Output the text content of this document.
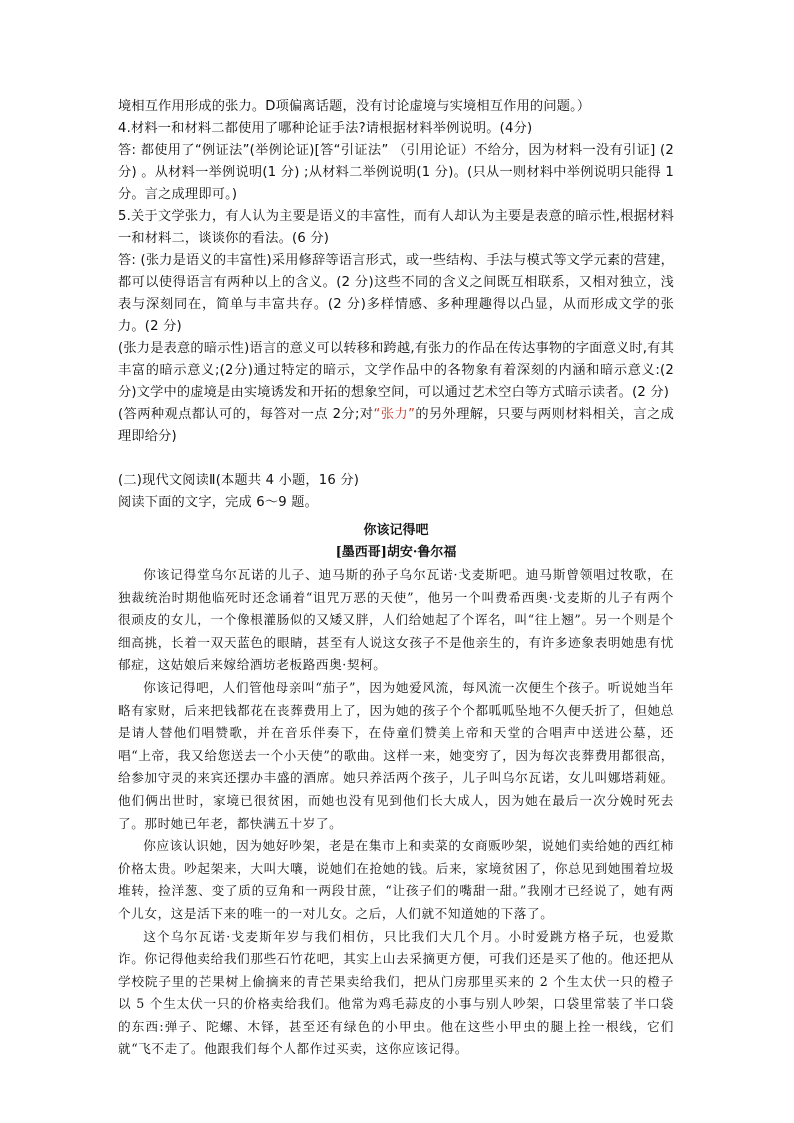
境相互作用形成的张力。D项偏离话题，没有讨论虚境与实境相互作用的问题。）

4.材料一和材料二都使用了哪种论证手法?请根据材料举例说明。(4分)

答: 都使用了“例证法”(举例论证)[答“引证法” （引用论证）不给分，因为材料一没有引证] (2分) 。从材料一举例说明(1 分) ;从材料二举例说明(1 分)。(只从一则材料中举例说明只能得 1分。言之成理即可。)

5.关于文学张力，有人认为主要是语义的丰富性，而有人却认为主要是表意的暗示性,根据材料一和材料二，谈谈你的看法。(6 分)

答: (张力是语义的丰富性)采用修辞等语言形式，或一些结构、手法与模式等文学元素的营建，都可以使得语言有两种以上的含义。(2 分)这些不同的含义之间既互相联系，又相对独立，浅表与深刻同在，简单与丰富共存。(2 分)多样情感、多种理趣得以凸显，从而形成文学的张力。(2 分)

(张力是表意的暗示性)语言的意义可以转移和跨越,有张力的作品在传达事物的字面意义时,有其丰富的暗示意义;(2分)通过特定的暗示，文学作品中的各物象有着深刻的内涵和暗示意义:(2分)文学中的虚境是由实境诱发和开拓的想象空间，可以通过艺术空白等方式暗示读者。(2 分)

(答两种观点都认可的，每答对一点 2分;对“张力”的另外理解，只要与两则材料相关，言之成理即给分)

(二)现代文阅读Ⅱ(本题共 4 小题，16 分)

阅读下面的文字，完成 6～9 题。

你该记得吧

[墨西哥]胡安·鲁尔福

你该记得堂乌尔瓦诺的儿子、迪马斯的孙子乌尔瓦诺·戈麦斯吧。迪马斯曾领唱过牧歌，在独裁统治时期他临死时还念诵着“诅咒万恶的天使”，他另一个叫费希西奥·戈麦斯的儿子有两个很顽皮的女儿，一个像根灌肠似的又矮又胖，人们给她起了个诨名，叫“往上翘”。另一个则是个细高挑，长着一双天蓝色的眼睛，甚至有人说这女孩子不是他亲生的，有许多迹象表明她患有忧郁症，这姑娘后来嫁给酒坊老板路西奥·契柯。

你该记得吧，人们管他母亲叫“茄子”，因为她爱风流，每风流一次便生个孩子。听说她当年略有家财，后来把钱都花在丧葬费用上了，因为她的孩子个个都呱呱坠地不久便夭折了，但她总是请人替他们唱赞歌，并在音乐伴奏下，在侍童们赞美上帝和天堂的合唱声中送进公墓，还唱“上帝，我又给您送去一个小天使”的歌曲。这样一来，她变穷了，因为每次丧葬费用都很高，给参加守灵的来宾还摆办丰盛的酒席。她只养活两个孩子，儿子叫乌尔瓦诺，女儿叫娜塔莉娅。他们俩出世时，家境已很贫困，而她也没有见到他们长大成人，因为她在最后一次分娩时死去了。那时她已年老，都快满五十岁了。

你应该认识她，因为她好吵架，老是在集市上和卖菜的女商贩吵架，说她们卖给她的西红柿价格太贵。吵起架来，大叫大嚷，说她们在抢她的钱。后来，家境贫困了，你总见到她围着垃圾堆转，捡洋葱、变了质的豆角和一两段甘蔗，“让孩子们的嘴甜一甜。”我刚才已经说了，她有两个儿女，这是活下来的唯一的一对儿女。之后，人们就不知道她的下落了。

这个乌尔瓦诺·戈麦斯年岁与我们相仿，只比我们大几个月。小时爱跳方格子玩，也爱欺诈。你记得他卖给我们那些石竹花吧，其实上山去采摘更方便，可我们还是买了他的。他还把从学校院子里的芒果树上偷摘来的青芒果卖给我们，把从门房那里买来的 2 个生太伏一只的橙子以 5 个生太伏一只的价格卖给我们。他常为鸡毛蒜皮的小事与别人吵架，口袋里常装了半口袋的东西:弹子、陀螺、木铎，甚至还有绿色的小甲虫。他在这些小甲虫的腿上拴一根线，它们就“飞不走了。他跟我们每个人都作过买卖，这你应该记得。
